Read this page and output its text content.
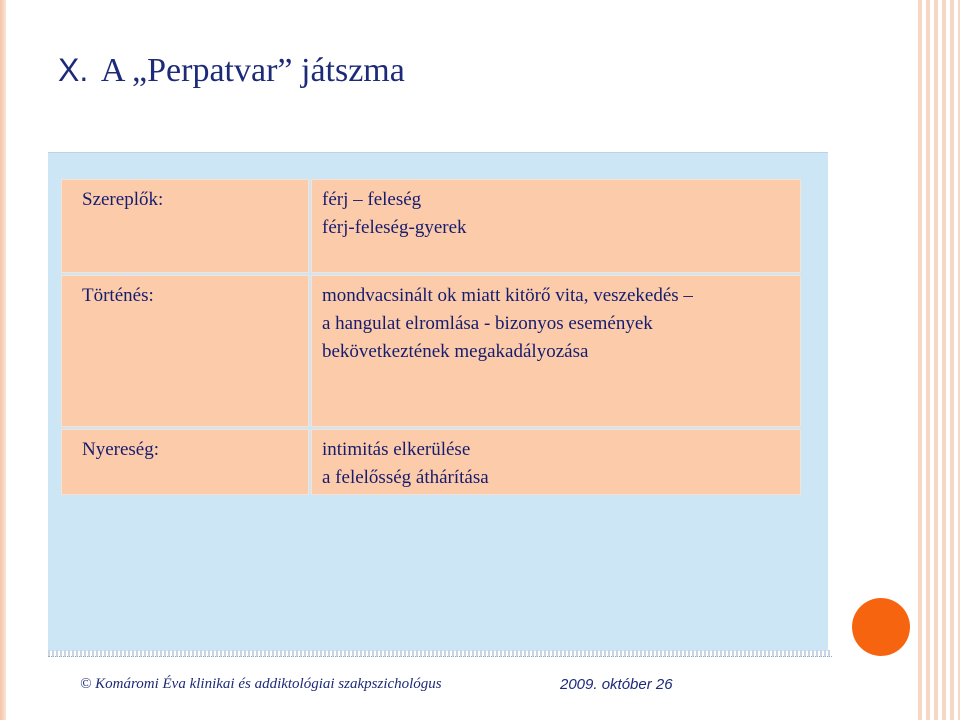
X. A „Perpatvar” játszma
Szereplők:	férj – feleség
férj-feleség-gyerek
Történés:	mondvacsinált ok miatt kitörő vita, veszekedés –
a hangulat elromlása - bizonyos események
bekövetkeztének megakadályozása
Nyereség:	intimitás elkerülése
a felelősség áthárítása
© Komáromi Éva klinikai és addiktológiai szakpszichológus	2009. október 26
